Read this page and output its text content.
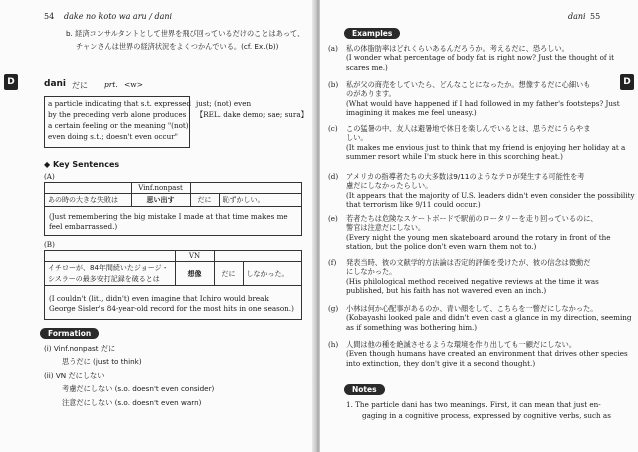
54 dake no koto wa aru / dani
b. 経済コンサルタントとして世界を飛び回っているだけのことはあって、
チャンさんは世界の経済状況をよくつかんでいる。(cf. Ex.(b))
D	dani だに prt. <w>
a particle indicating that s.t. expressed
by the preceding verb alone produces
a certain feeling or the meaning "(not)
even doing s.t.; doesn't even occur"
just; (not) even
【REL. dake demo; sae; sura】
◆ Key Sentences
(A)
	Vinf.nonpast		
あの時の大きな失敗は	思い出す	だに	恥ずかしい。
(Just remembering the big mistake I made at that time makes me feel embarrassed.)
(B)
	VN		
イチローが、84年間続いたジョージ・
シスラーの最多安打記録を破るとは	想像	だに	しなかった。
(I couldn't (lit., didn't) even imagine that Ichiro would break George Sisler's 84-year-old record for the most hits in one season.)
Formation
(i) Vinf.nonpast だに
思うだに (just to think)
(ii) VN だにしない
考慮だにしない (s.o. doesn't even consider)
注意だにしない (s.o. doesn't even warn)
dani 55
D
Examples
(a) 私の体脂肪率はどれくらいあるんだろうか。考えるだに、恐ろしい。
(I wonder what percentage of body fat is right now? Just the thought of it scares me.)
(b) 私が父の商売をしていたら、どんなことになったか。想像するだに心細いも
のがあります。
(What would have happened if I had followed in my father's footsteps? Just imagining it makes me feel uneasy.)
(c) この猛暑の中、友人は避暑地で休日を楽しんでいるとは、思うだにうらやま
しい。
(It makes me envious just to think that my friend is enjoying her holiday at a summer resort while I'm stuck here in this scorching heat.)
(d) アメリカの指導者たちの大多数は9/11のようなテロが発生する可能性を考
慮だにしなかったらしい。
(It appears that the majority of U.S. leaders didn't even consider the possibility that terrorism like 9/11 could occur.)
(e) 若者たちは危険なスケートボードで駅前のロータリーを走り回っているのに、
警官は注意だにしない。
(Every night the young men skateboard around the rotary in front of the station, but the police don't even warn them not to.)
(f) 発表当時、彼の文献学的方法論は否定的評価を受けたが、彼の信念は微動だ
にしなかった。
(His philological method received negative reviews at the time it was published, but his faith has not wavered even an inch.)
(g) 小林は何か心配事があるのか、青い顔をして、こちらを一瞥だにしなかった。
(Kobayashi looked pale and didn't even cast a glance in my direction, seeming as if something was bothering him.)
(h) 人間は他の種を絶滅させるような環境を作り出しても一顧だにしない。
(Even though humans have created an environment that drives other species into extinction, they don't give it a second thought.)
Notes
1. The particle dani has two meanings. First, it can mean that just en-
gaging in a cognitive process, expressed by cognitive verbs, such as
